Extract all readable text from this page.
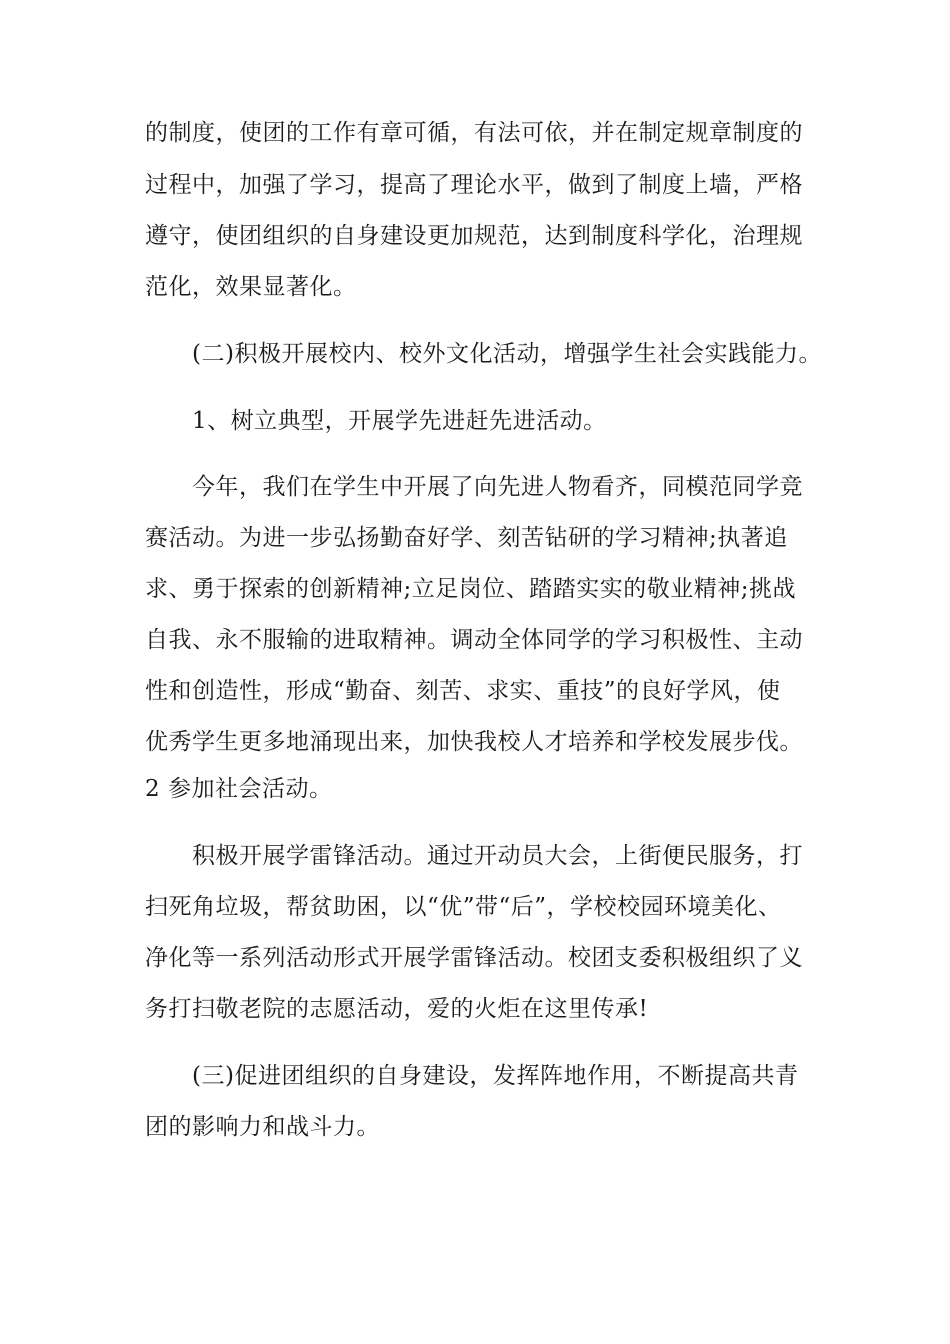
的制度，使团的工作有章可循，有法可依，并在制定规章制度的
过程中，加强了学习，提高了理论水平，做到了制度上墙，严格
遵守，使团组织的自身建设更加规范，达到制度科学化，治理规
范化，效果显著化。
(二)积极开展校内、校外文化活动，增强学生社会实践能力。
1、树立典型，开展学先进赶先进活动。
今年，我们在学生中开展了向先进人物看齐，同模范同学竞
赛活动。为进一步弘扬勤奋好学、刻苦钻研的学习精神;执著追
求、勇于探索的创新精神;立足岗位、踏踏实实的敬业精神;挑战
自我、永不服输的进取精神。调动全体同学的学习积极性、主动
性和创造性，形成“勤奋、刻苦、求实、重技”的良好学风，使
优秀学生更多地涌现出来，加快我校人才培养和学校发展步伐。
2 参加社会活动。
积极开展学雷锋活动。通过开动员大会，上街便民服务，打
扫死角垃圾，帮贫助困，以“优”带“后”，学校校园环境美化、
净化等一系列活动形式开展学雷锋活动。校团支委积极组织了义
务打扫敬老院的志愿活动，爱的火炬在这里传承!
(三)促进团组织的自身建设，发挥阵地作用，不断提高共青
团的影响力和战斗力。
